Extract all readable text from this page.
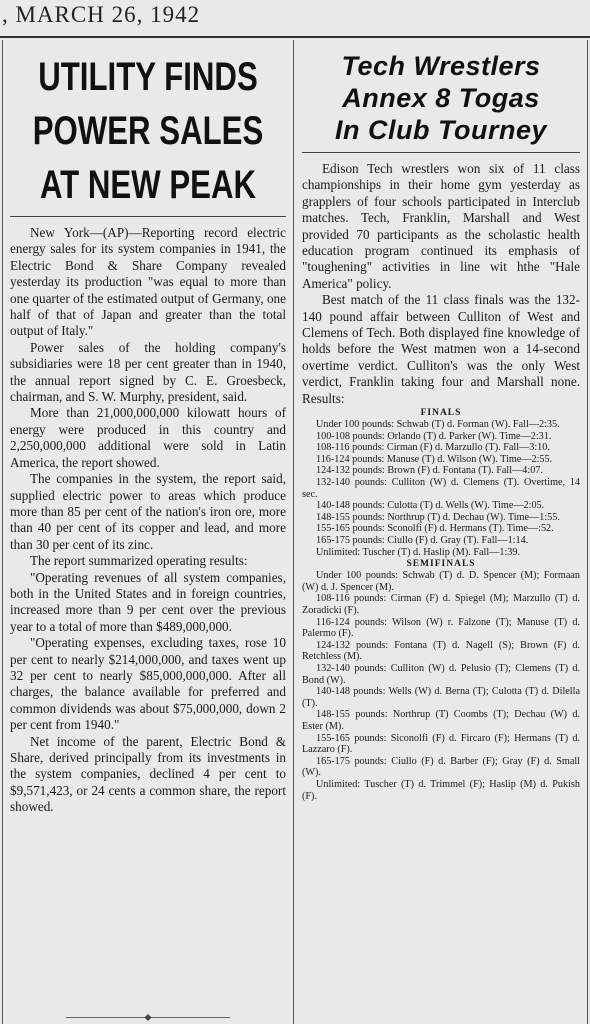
, MARCH 26, 1942
UTILITY FINDS
POWER SALES
AT NEW PEAK

New York—(AP)—Reporting record electric energy sales for its system companies in 1941, the Electric Bond & Share Company revealed yesterday its production "was equal to more than one quarter of the estimated output of Germany, one half of that of Japan and greater than the total output of Italy."

Power sales of the holding company's subsidiaries were 18 per cent greater than in 1940, the annual report signed by C. E. Groesbeck, chairman, and S. W. Murphy, president, said.

More than 21,000,000,000 kilowatt hours of energy were produced in this country and 2,250,000,000 additional were sold in Latin America, the report showed.

The companies in the system, the report said, supplied electric power to areas which produce more than 85 per cent of the nation's iron ore, more than 40 per cent of its copper and lead, and more than 30 per cent of its zinc.

The report summarized operating results:

"Operating revenues of all system companies, both in the United States and in foreign countries, increased more than 9 per cent over the previous year to a total of more than $489,000,000.

"Operating expenses, excluding taxes, rose 10 per cent to nearly $214,000,000, and taxes went up 32 per cent to nearly $85,000,000,000. After all charges, the balance available for preferred and common dividends was about $75,000,000, down 2 per cent from 1940."

Net income of the parent, Electric Bond & Share, derived principally from its investments in the system companies, declined 4 per cent to $9,571,423, or 24 cents a common share, the report showed.

Tech Wrestlers
Annex 8 Togas
In Club Tourney

Edison Tech wrestlers won six of 11 class championships in their home gym yesterday as grapplers of four schools participated in Interclub matches. Tech, Franklin, Marshall and West provided 70 participants as the scholastic health education program continued its emphasis of "toughening" activities in line wit hthe "Hale America" policy.

Best match of the 11 class finals was the 132-140 pound affair between Culliton of West and Clemens of Tech. Both displayed fine knowledge of holds before the West matmen won a 14-second overtime verdict. Culliton's was the only West verdict, Franklin taking four and Marshall none. Results:

FINALS

Under 100 pounds: Schwab (T) d. Forman (W). Fall—2:35.

100-108 pounds: Orlando (T) d. Parker (W). Time—2:31.

108-116 pounds: Cirman (F) d. Marzullo (T). Fall—3:10.

116-124 pounds: Manuse (T) d. Wilson (W). Time—2:55.

124-132 pounds: Brown (F) d. Fontana (T). Fall—4:07.

132-140 pounds: Culliton (W) d. Clemens (T). Overtime, 14 sec.

140-148 pounds: Culotta (T) d. Wells (W). Time—2:05.

148-155 pounds: Northrup (T) d. Dechau (W). Time—1:55.

155-165 pounds: Sconolfi (F) d. Hermans (T). Time—:52.

165-175 pounds: Ciullo (F) d. Gray (T). Fall—1:14.

Unlimited: Tuscher (T) d. Haslip (M). Fall—1:39.

SEMIFINALS

Under 100 pounds: Schwab (T) d. D. Spencer (M); Formaan (W) d. J. Spencer (M).

108-116 pounds: Cirman (F) d. Spiegel (M); Marzullo (T) d. Zoradicki (F).

116-124 pounds: Wilson (W) r. Falzone (T); Manuse (T) d. Palermo (F).

124-132 pounds: Fontana (T) d. Nagell (S); Brown (F) d. Retchless (M).

132-140 pounds: Culliton (W) d. Pelusio (T); Clemens (T) d. Bond (W).

140-148 pounds: Wells (W) d. Berna (T); Culotta (T) d. Dilella (T).

148-155 pounds: Northrup (T) Coombs (T); Dechau (W) d. Ester (M).

155-165 pounds: Siconolfi (F) d. Fircaro (F); Hermans (T) d. Lazzaro (F).

165-175 pounds: Ciullo (F) d. Barber (F); Gray (F) d. Small (W).

Unlimited: Tuscher (T) d. Trimmel (F); Haslip (M) d. Pukish (F).
